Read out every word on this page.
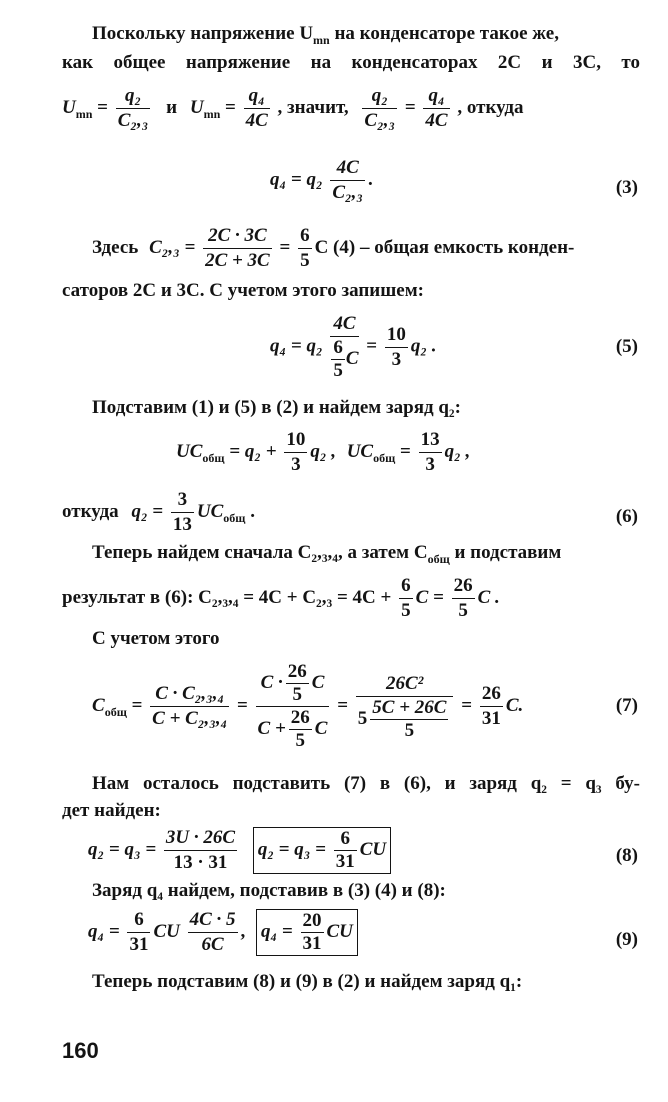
Поскольку напряжение $U_{mn}$ на конденсаторе такое же,
как общее напряжение на конденсаторах 2C и 3C, то
$U_{mn} = \frac{\text{q₂}}{\text{C₂,₃}}$ и $U_{mn} = \frac{\text{q₄}}{4C}$ , значит, $\frac{\text{q₂}}{\text{C₂,₃}} = \frac{\text{q₄}}{4C}$ , откуда
$q_4 = q_2 \frac{4C}{\text{C₂,₃}}$ .	(3)
Здесь $C_2,_3 = \frac{2C \cdot 3C}{2C + 3C} = \frac{6}{5}$ C (4) – общая емкость конден-
саторов 2C и 3C. С учетом этого запишем:
$q_4 = q_2 \frac{4C}{\frac{6}{5} C} = \frac{10}{3} q_2$ .	(5)
Подставим (1) и (5) в (2) и найдем заряд q₂:
$UC_{общ} = q_2 + \frac{10}{3} q_2$ , $UC_{общ} = \frac{13}{3} q_2$ ,
откуда $q_2 = \frac{3}{13} UC_{общ}$ .	(6)
Теперь найдем сначала C₂,₃,₄, а затем $C_{общ}$ и подставим
результат в (6): $C_2,_3,_4 = 4C + C_2,_3 = 4C + \frac{6}{5}$ $C = \frac{26}{5}$ C .
С учетом этого
$C_{общ} = \frac{\text{C · C₂,₃,₄}}{\text{C + C₂,₃,₄}} = \frac{C \cdot \frac{26}{5} C}{C + \frac{26}{5} C} = \frac{\text{26C²}}{5 \frac{5C + 26C}{5}} = \frac{26}{31} C$.	(7)
Нам осталось подставить (7) в (6), и заряд q₂ = q₃ бу-
дет найден:
$q_2 = q_3 = \frac{3U \cdot 26C}{13 \cdot 31} q_2 = q_3 = \frac{6}{31}$ CU	(8)
Заряд q₄ найдем, подставив в (3) (4) и (8):
$q_4 = \frac{6}{31}$ CU $\frac{4C \cdot 5}{6C}$ , $q_4 = \frac{20}{31}$ CU	(9)
Теперь подставим (8) и (9) в (2) и найдем заряд q₁:
160
